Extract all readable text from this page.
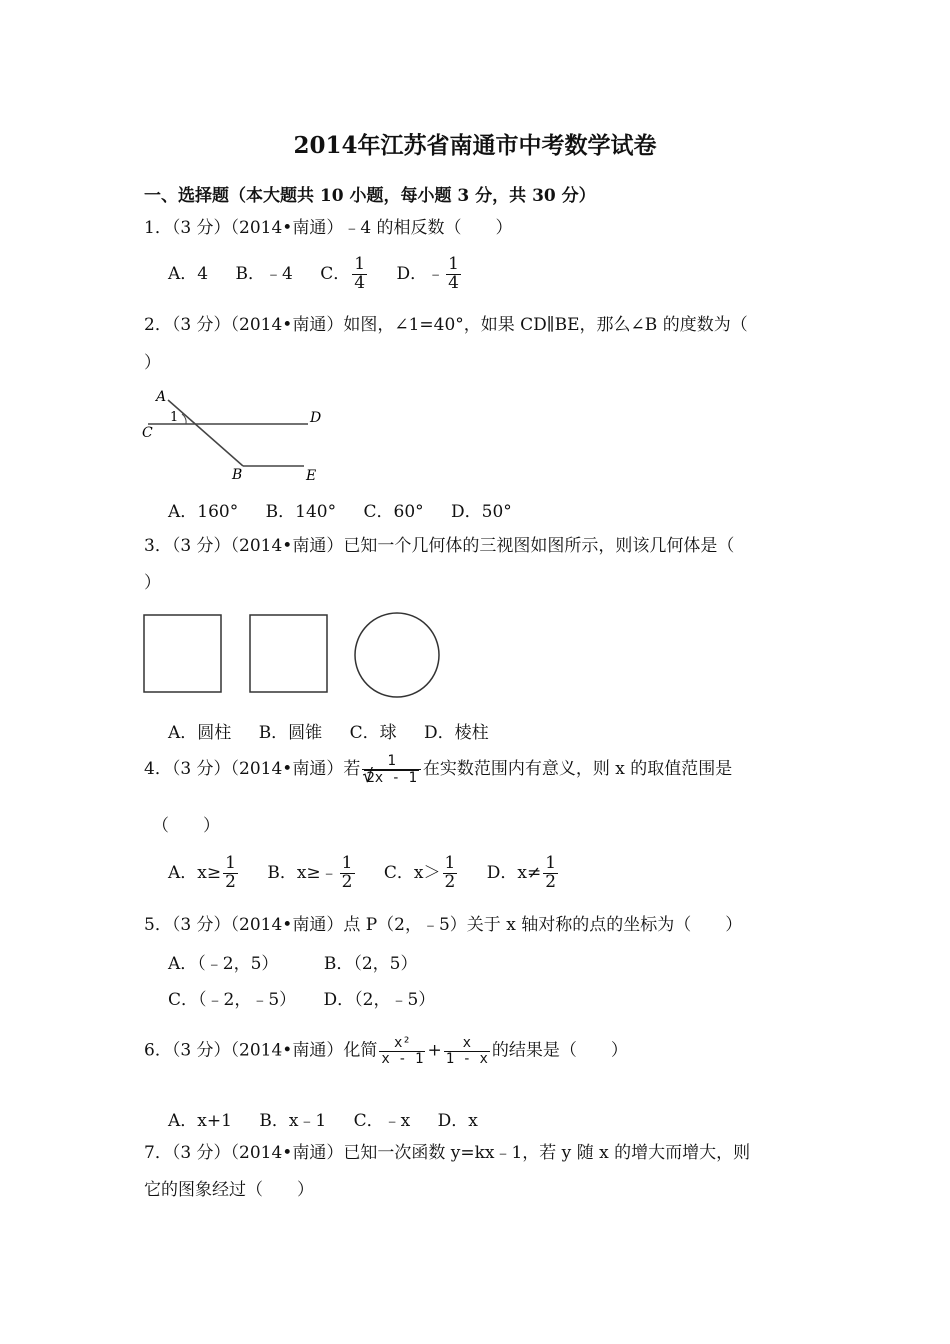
2014年江苏省南通市中考数学试卷
一、选择题（本大题共 10 小题，每小题 3 分，共 30 分）
1．（3 分）（2014•南通）﹣4 的相反数（　　）
A．4 B．﹣4 C． $\frac{1}{4}$ D．﹣ $\frac{1}{4}$
2．（3 分）（2014•南通）如图，∠1=40°，如果 CD∥BE，那么∠B 的度数为（
）
A
1
C
D
B	E
A．160° B．140° C．60° D．50°
3．（3 分）（2014•南通）已知一个几何体的三视图如图所示，则该几何体是（
）
A．圆柱 B．圆锥 C．球 D．棱柱
4．（3 分）（2014•南通）若 1
√ 2x - 1 在实数范围内有意义，则 x 的取值范围是
（　　）
A．$x\ge \frac{1}{2}$ B．x≥﹣ $\frac{1}{2}$ C．$x> \frac{1}{2}$ D．$x\ne \frac{1}{2}$
5．（3 分）（2014•南通）点 P（2，﹣5）关于 x 轴对称的点的坐标为（　　）
A．（﹣2，5）	B．（2，5）
C．（﹣2，﹣5） D．（2，﹣5）
6．（3 分）（2014•南通）化简 $\frac{\text{x²}}{x - 1} + \frac{x}{1 - x}$ 的结果是（　　）
A．x+1 B．x﹣1 C．﹣x D．x
7．（3 分）（2014•南通）已知一次函数 y=kx﹣1，若 y 随 x 的增大而增大，则
它的图象经过（　　）
